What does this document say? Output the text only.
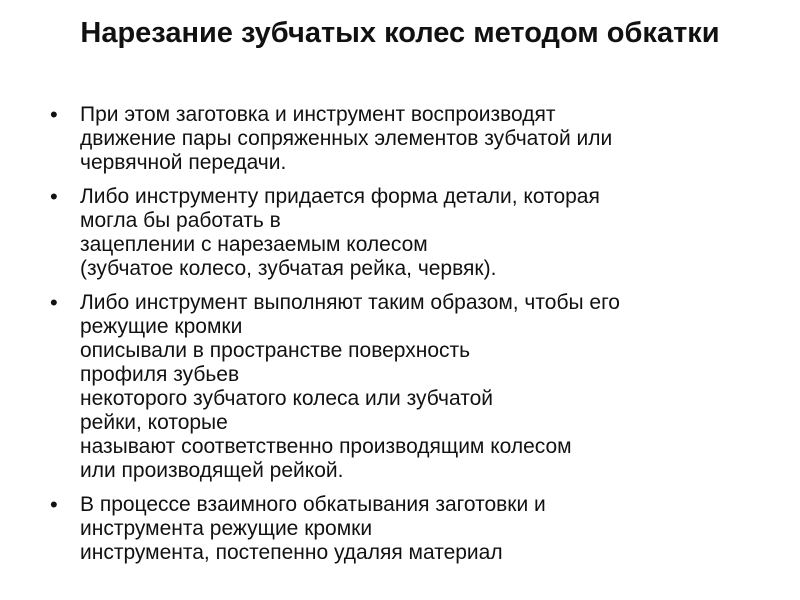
Нарезание зубчатых колес методом обкатки
• При этом заготовка и инструмент воспроизводят
движение пары сопряженных элементов зубчатой или
червячной передачи.
• Либо инструменту придается форма детали, которая
могла бы работать в
зацеплении с нарезаемым колесом
(зубчатое колесо, зубчатая рейка, червяк).
• Либо инструмент выполняют таким образом, чтобы его
режущие кромки
описывали в пространстве поверхность
профиля зубьев
некоторого зубчатого колеса или зубчатой
рейки, которые
называют соответственно производящим колесом
или производящей рейкой.
• В процессе взаимного обкатывания заготовки и
инструмента режущие кромки
инструмента, постепенно удаляя материал
